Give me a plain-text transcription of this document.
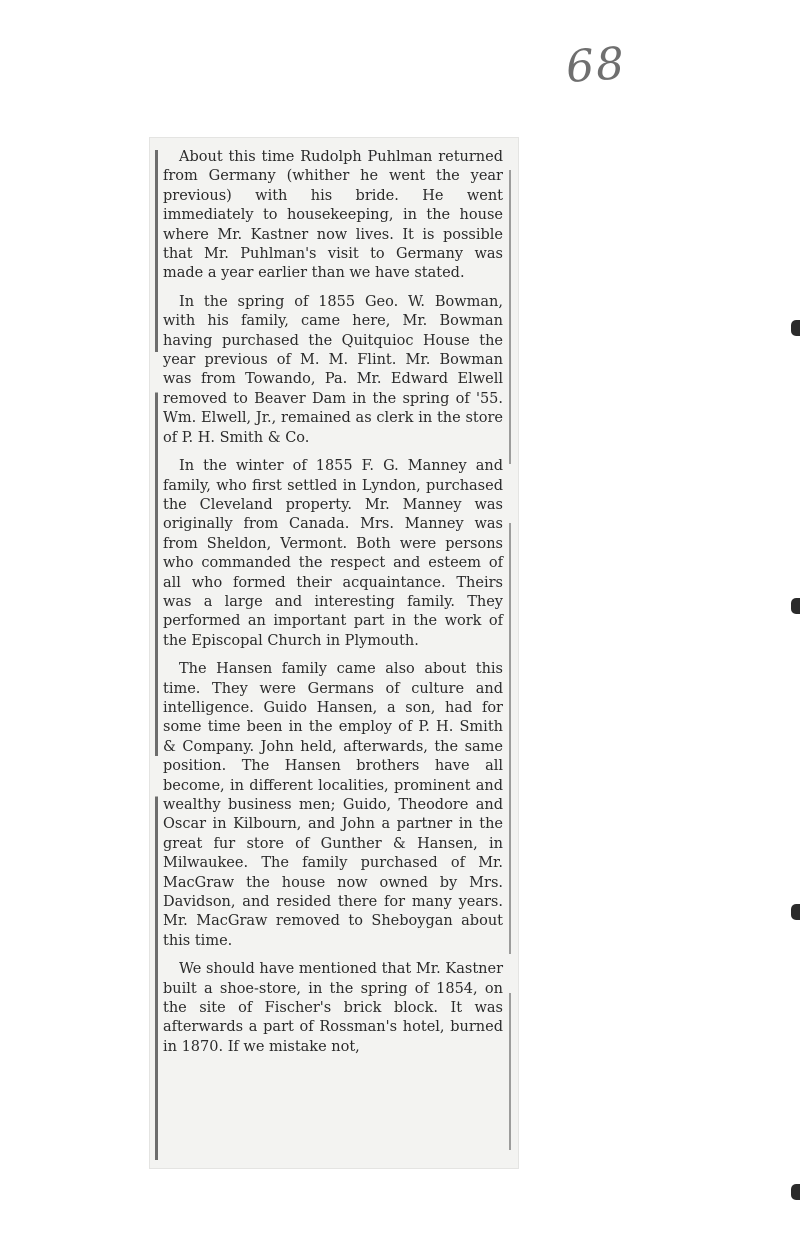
68

About this time Rudolph Puhlman returned from Germany (whither he went the year previous) with his bride. He went immediately to housekeeping, in the house where Mr. Kastner now lives. It is possible that Mr. Puhlman's visit to Germany was made a year earlier than we have stated.

In the spring of 1855 Geo. W. Bowman, with his family, came here, Mr. Bowman having purchased the Quitquioc House the year previous of M. M. Flint. Mr. Bowman was from Towando, Pa. Mr. Edward Elwell removed to Beaver Dam in the spring of '55. Wm. Elwell, Jr., remained as clerk in the store of P. H. Smith & Co.

In the winter of 1855 F. G. Manney and family, who first settled in Lyndon, purchased the Cleveland property. Mr. Manney was originally from Canada. Mrs. Manney was from Sheldon, Vermont. Both were persons who commanded the respect and esteem of all who formed their acquaintance. Theirs was a large and interesting family. They performed an important part in the work of the Episcopal Church in Plymouth.

The Hansen family came also about this time. They were Germans of culture and intelligence. Guido Hansen, a son, had for some time been in the employ of P. H. Smith & Company. John held, afterwards, the same position. The Hansen brothers have all become, in different localities, prominent and wealthy business men; Guido, Theodore and Oscar in Kilbourn, and John a partner in the great fur store of Gunther & Hansen, in Milwaukee. The family purchased of Mr. MacGraw the house now owned by Mrs. Davidson, and resided there for many years. Mr. MacGraw removed to Sheboygan about this time.

We should have mentioned that Mr. Kastner built a shoe-store, in the spring of 1854, on the site of Fischer's brick block. It was afterwards a part of Rossman's hotel, burned in 1870. If we mistake not,
